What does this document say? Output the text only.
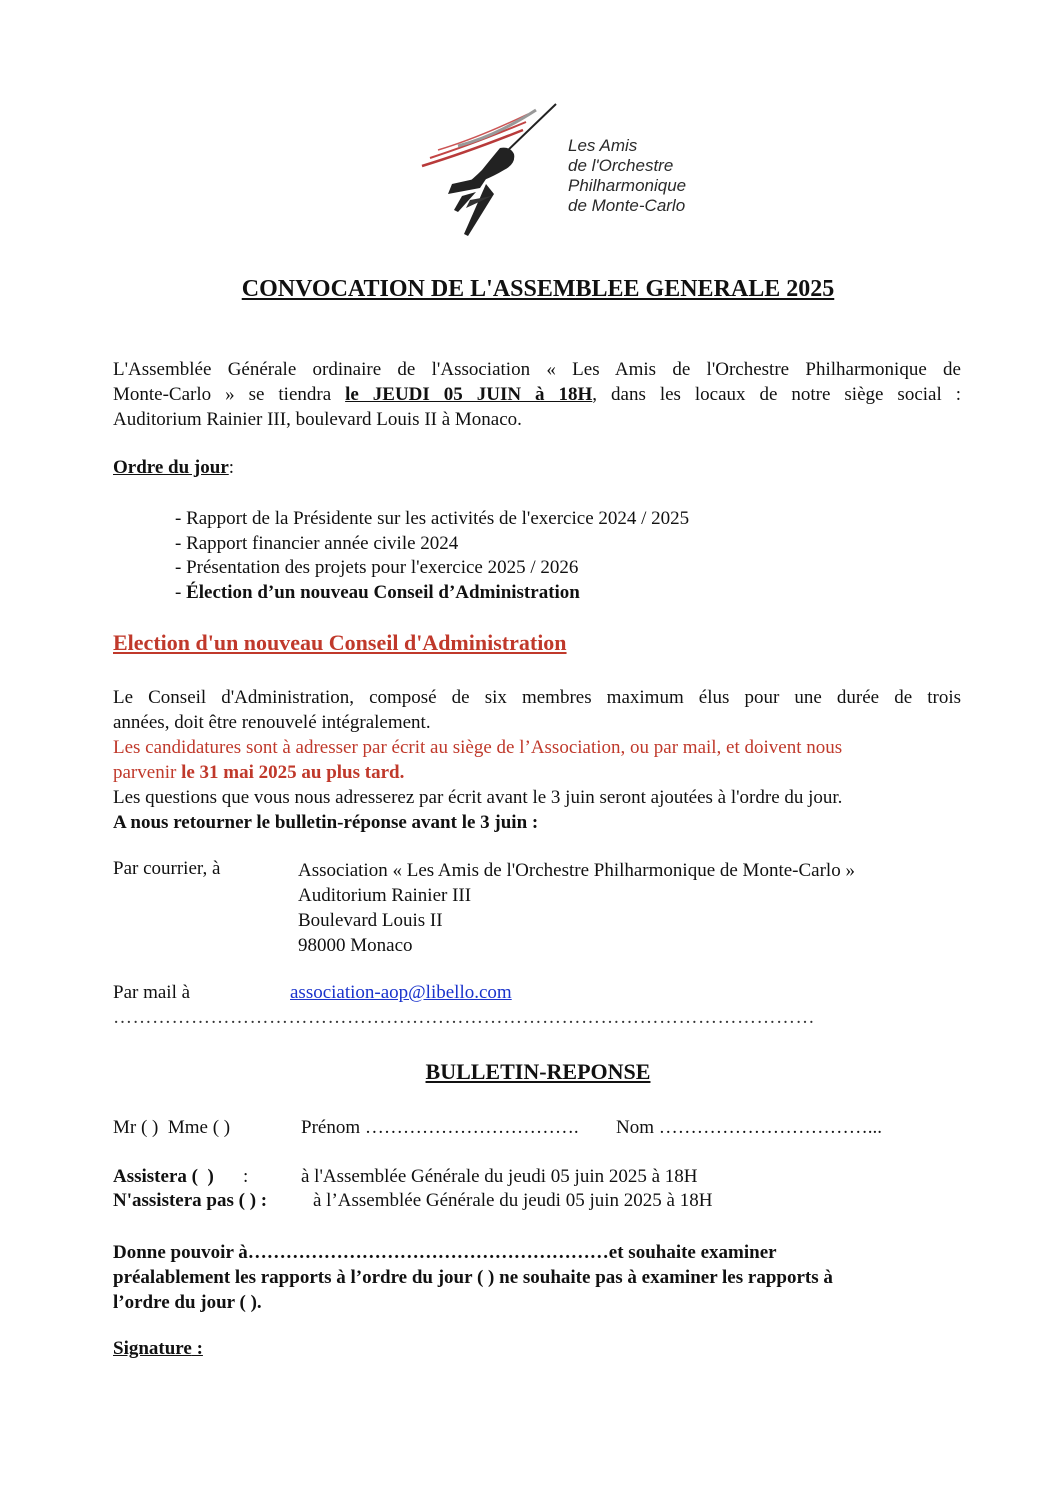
Les Amis
de l'Orchestre
Philharmonique
de Monte-Carlo
CONVOCATION DE L'ASSEMBLEE GENERALE 2025
L'Assemblée Générale ordinaire de l'Association « Les Amis de l'Orchestre Philharmonique de
Monte-Carlo » se tiendra le JEUDI 05 JUIN à 18H, dans les locaux de notre siège social :
Auditorium Rainier III, boulevard Louis II à Monaco.
Ordre du jour:
- Rapport de la Présidente sur les activités de l'exercice 2024 / 2025
- Rapport financier année civile 2024
- Présentation des projets pour l'exercice 2025 / 2026
- Élection d’un nouveau Conseil d’Administration
Election d'un nouveau Conseil d'Administration
Le Conseil d'Administration, composé de six membres maximum élus pour une durée de trois
années, doit être renouvelé intégralement.
Les candidatures sont à adresser par écrit au siège de l’Association, ou par mail, et doivent nous
parvenir le 31 mai 2025 au plus tard.
Les questions que vous nous adresserez par écrit avant le 3 juin seront ajoutées à l'ordre du jour.
A nous retourner le bulletin-réponse avant le 3 juin :
Par courrier, à	Association « Les Amis de l'Orchestre Philharmonique de Monte-Carlo »
Auditorium Rainier III
Boulevard Louis II
98000 Monaco
Par mail à	association-aop@libello.com
………………………………………………………………………………………………
BULLETIN-REPONSE
Mr ( )  Mme ( )	Prénom ……………………………. Nom ……………………………...
Assistera (  ) :	à l'Assemblée Générale du jeudi 05 juin 2025 à 18H
N'assistera pas ( ) : à l’Assemblée Générale du jeudi 05 juin 2025 à 18H
Donne pouvoir à…………………………………………………et souhaite examiner
préalablement les rapports à l’ordre du jour ( ) ne souhaite pas à examiner les rapports à
l’ordre du jour ( ).
Signature :
